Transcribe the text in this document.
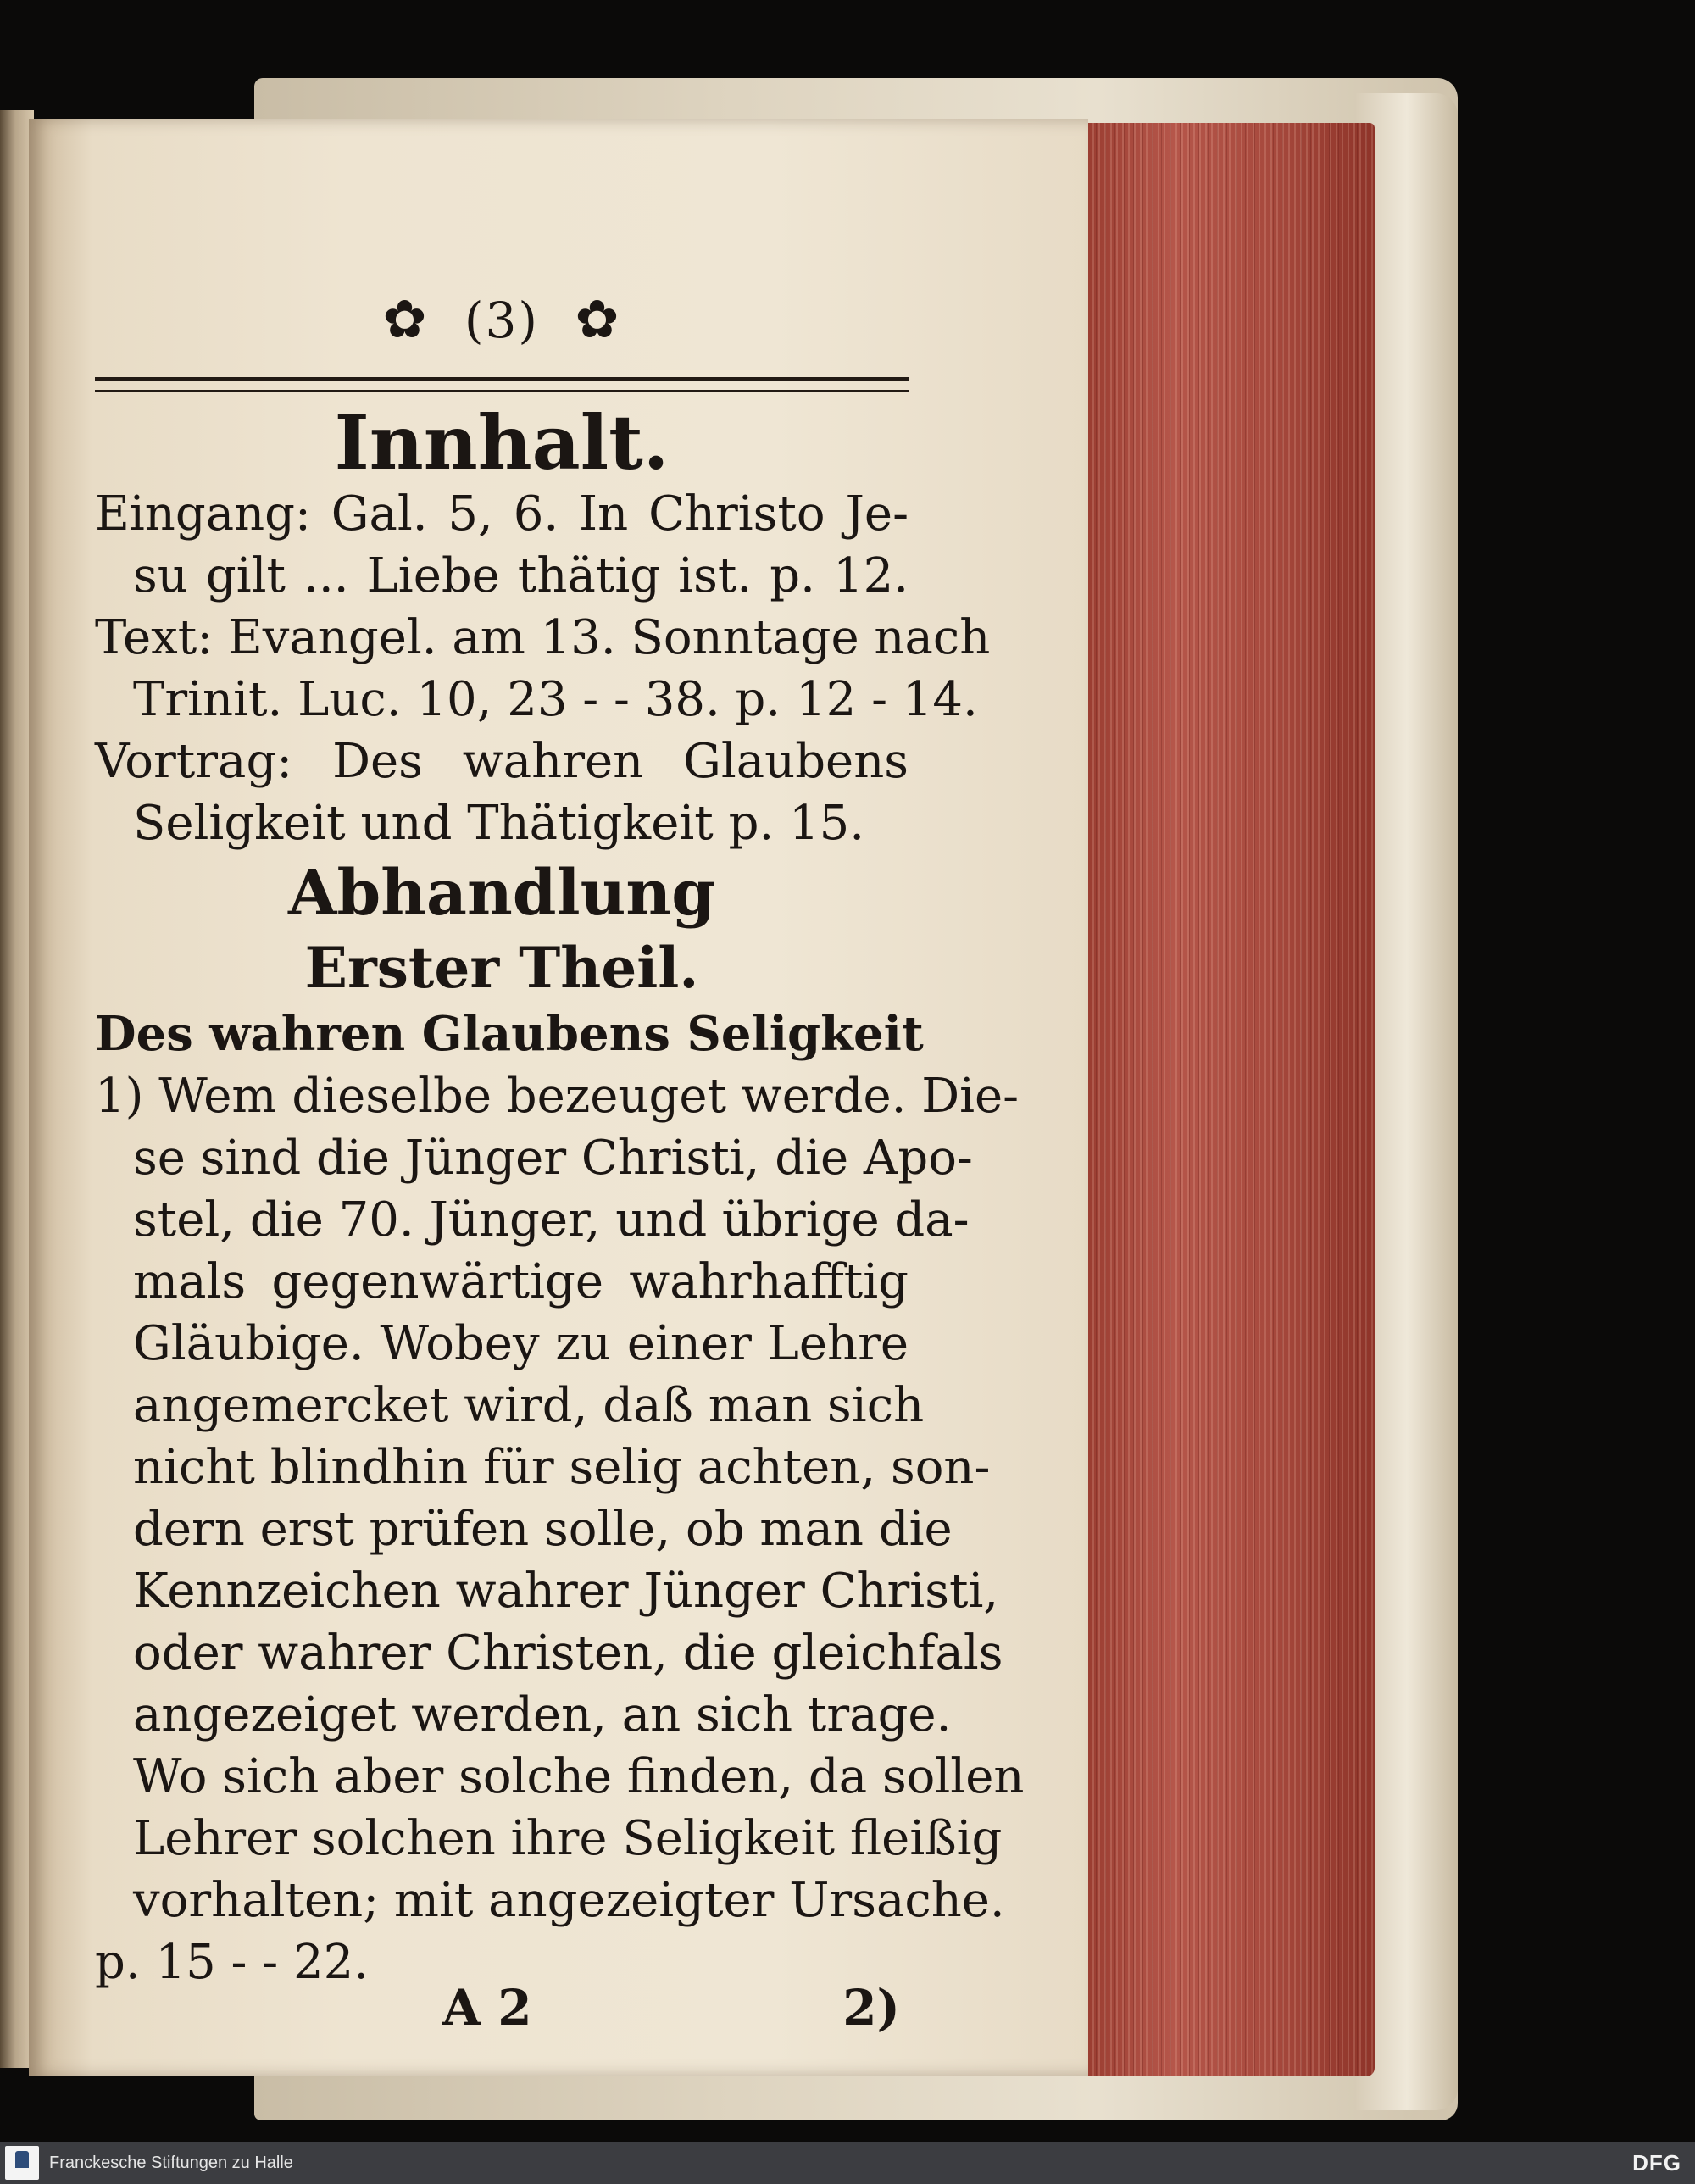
✿ (3) ✿
Innhalt.
Eingang: Gal. 5, 6. In Christo Je-
su gilt ... Liebe thätig ist. p. 12.
Text: Evangel. am 13. Sonntage nach
Trinit. Luc. 10, 23 - - 38. p. 12 - 14.
Vortrag: Des wahren Glaubens
Seligkeit und Thätigkeit p. 15.
Abhandlung
Erster Theil.
Des wahren Glaubens Seligkeit
1) Wem dieselbe bezeuget werde. Die-
se sind die Jünger Christi, die Apo-
stel, die 70. Jünger, und übrige da-
mals gegenwärtige wahrhafftig
Gläubige. Wobey zu einer Lehre
angemercket wird, daß man sich
nicht blindhin für selig achten, son-
dern erst prüfen solle, ob man die
Kennzeichen wahrer Jünger Christi,
oder wahrer Christen, die gleichfals
angezeiget werden, an sich trage.
Wo sich aber solche finden, da sollen
Lehrer solchen ihre Seligkeit fleißig
vorhalten; mit angezeigter Ursache.
p. 15 - - 22.
A 2	2)
Franckesche Stiftungen zu Halle	DFG
